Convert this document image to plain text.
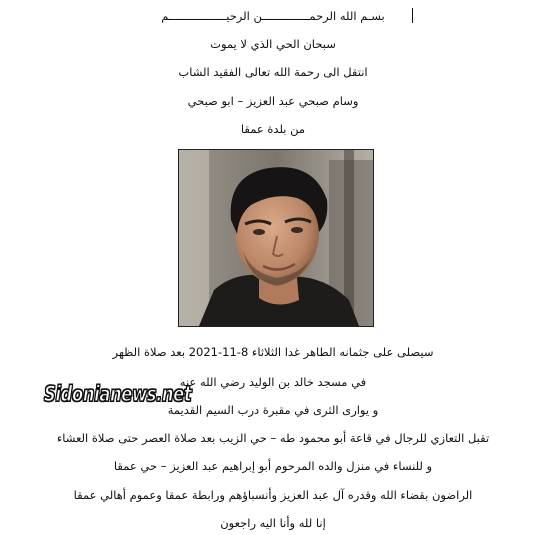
بسـم الله الرحمــــــــــــــن الرحيـــــــــــــــــم
سبحان الحي الذي لا يموت
انتقل الى رحمة الله تعالى الفقيد الشاب
وسام صبحي عبد العزيز – ابو صبحي
من بلدة عمقا
سيصلى على جثمانه الطاهر غدا الثلاثاء 8-11-2021 بعد صلاة الظهر
في مسجد خالد بن الوليد رضي الله عنه
و يوارى الثرى في مقبرة درب السيم القديمة
تقبل التعازي للرجال في قاعة أبو محمود طه – حي الزيب بعد صلاة العصر حتى صلاة العشاء
و للنساء في منزل والده المرحوم أبو إبراهيم عبد العزيز – حي عمقا
الراضون بقضاء الله وقدره آل عبد العزيز وأنسباؤهم ورابطة عمقا وعموم أهالي عمقا
إنا لله وأنا اليه راجعون
Sidonianews.net
